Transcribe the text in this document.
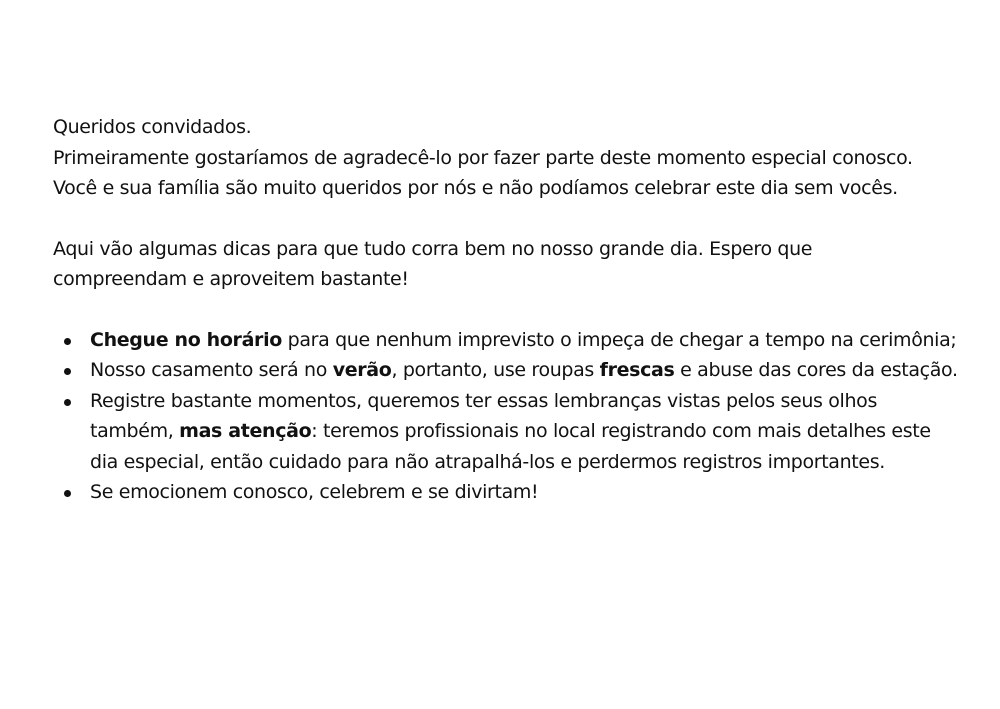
Queridos convidados.

Primeiramente gostaríamos de agradecê-lo por fazer parte deste momento especial conosco.

Você e sua família são muito queridos por nós e não podíamos celebrar este dia sem vocês.

Aqui vão algumas dicas para que tudo corra bem no nosso grande dia. Espero que

compreendam e aproveitem bastante!

Chegue no horário para que nenhum imprevisto o impeça de chegar a tempo na cerimônia;
Nosso casamento será no verão, portanto, use roupas frescas e abuse das cores da estação.
Registre bastante momentos, queremos ter essas lembranças vistas pelos seus olhos também, mas atenção: teremos profissionais no local registrando com mais detalhes este dia especial, então cuidado para não atrapalhá-los e perdermos registros importantes.
Se emocionem conosco, celebrem e se divirtam!
